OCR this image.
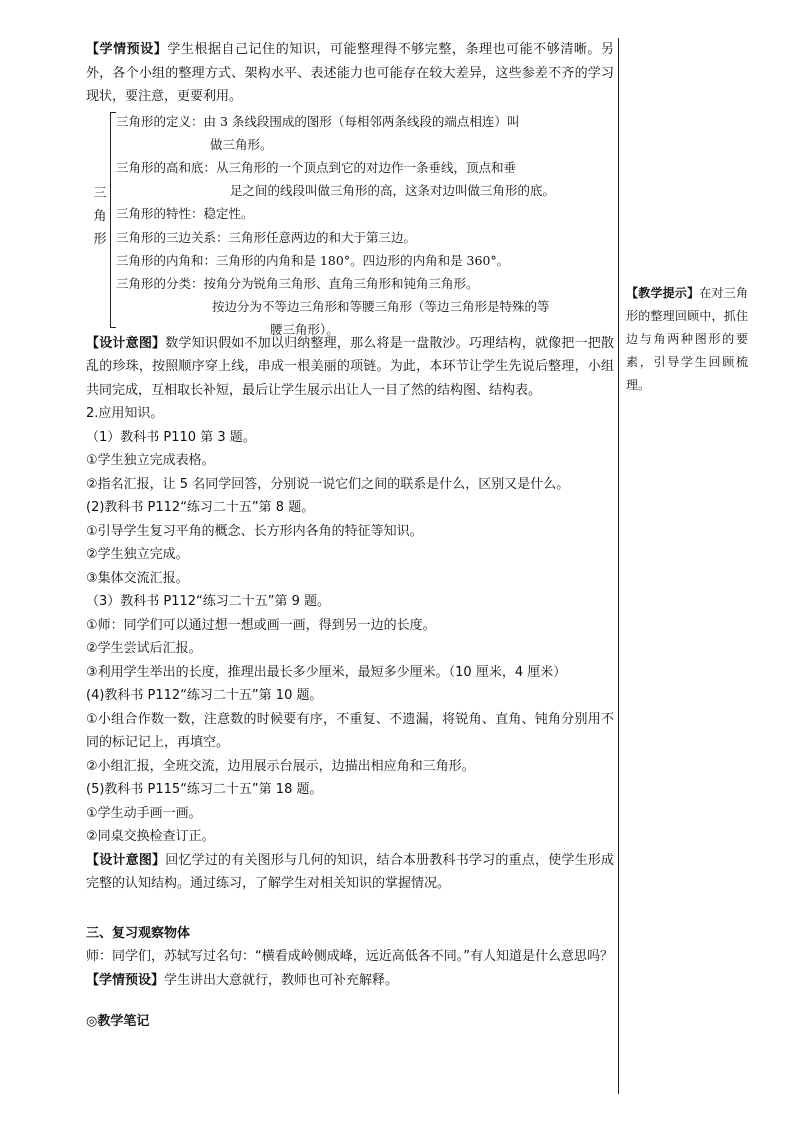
【学情预设】学生根据自己记住的知识，可能整理得不够完整，条理也可能不够清晰。另外，各个小组的整理方式、架构水平、表述能力也可能存在较大差异，这些参差不齐的学习现状，要注意，更要利用。

三角形
三角形的定义：由 3 条线段围成的图形（每相邻两条线段的端点相连）叫
做三角形。
三角形的高和底：从三角形的一个顶点到它的对边作一条垂线，顶点和垂
足之间的线段叫做三角形的高，这条对边叫做三角形的底。
三角形的特性：稳定性。
三角形的三边关系：三角形任意两边的和大于第三边。
三角形的内角和：三角形的内角和是 180°。四边形的内角和是 360°。
三角形的分类：按角分为锐角三角形、直角三角形和钝角三角形。
按边分为不等边三角形和等腰三角形（等边三角形是特殊的等
腰三角形）。

【设计意图】数学知识假如不加以归纳整理，那么将是一盘散沙。巧理结构，就像把一把散乱的珍珠，按照顺序穿上线，串成一根美丽的项链。为此，本环节让学生先说后整理，小组共同完成，互相取长补短，最后让学生展示出让人一目了然的结构图、结构表。

2.应用知识。

（1）教科书 P110 第 3 题。

①学生独立完成表格。

②指名汇报，让 5 名同学回答，分别说一说它们之间的联系是什么，区别又是什么。

(2)教科书 P112“练习二十五”第 8 题。

①引导学生复习平角的概念、长方形内各角的特征等知识。

②学生独立完成。

③集体交流汇报。

（3）教科书 P112“练习二十五”第 9 题。

①师：同学们可以通过想一想或画一画，得到另一边的长度。

②学生尝试后汇报。

③利用学生举出的长度，推理出最长多少厘米，最短多少厘米。（10 厘米，4 厘米）

(4)教科书 P112“练习二十五”第 10 题。

①小组合作数一数，注意数的时候要有序，不重复、不遗漏，将锐角、直角、钝角分别用不同的标记记上，再填空。

②小组汇报，全班交流，边用展示台展示，边描出相应角和三角形。

(5)教科书 P115“练习二十五”第 18 题。

①学生动手画一画。

②同桌交换检查订正。

【设计意图】回忆学过的有关图形与几何的知识，结合本册教科书学习的重点，使学生形成完整的认知结构。通过练习，了解学生对相关知识的掌握情况。

三、复习观察物体

师：同学们，苏轼写过名句：“横看成岭侧成峰，远近高低各不同。”有人知道是什么意思吗？

【学情预设】学生讲出大意就行，教师也可补充解释。

◎教学笔记

【教学提示】在对三角形的整理回顾中，抓住边与角两种图形的要素，引导学生回顾梳理。
